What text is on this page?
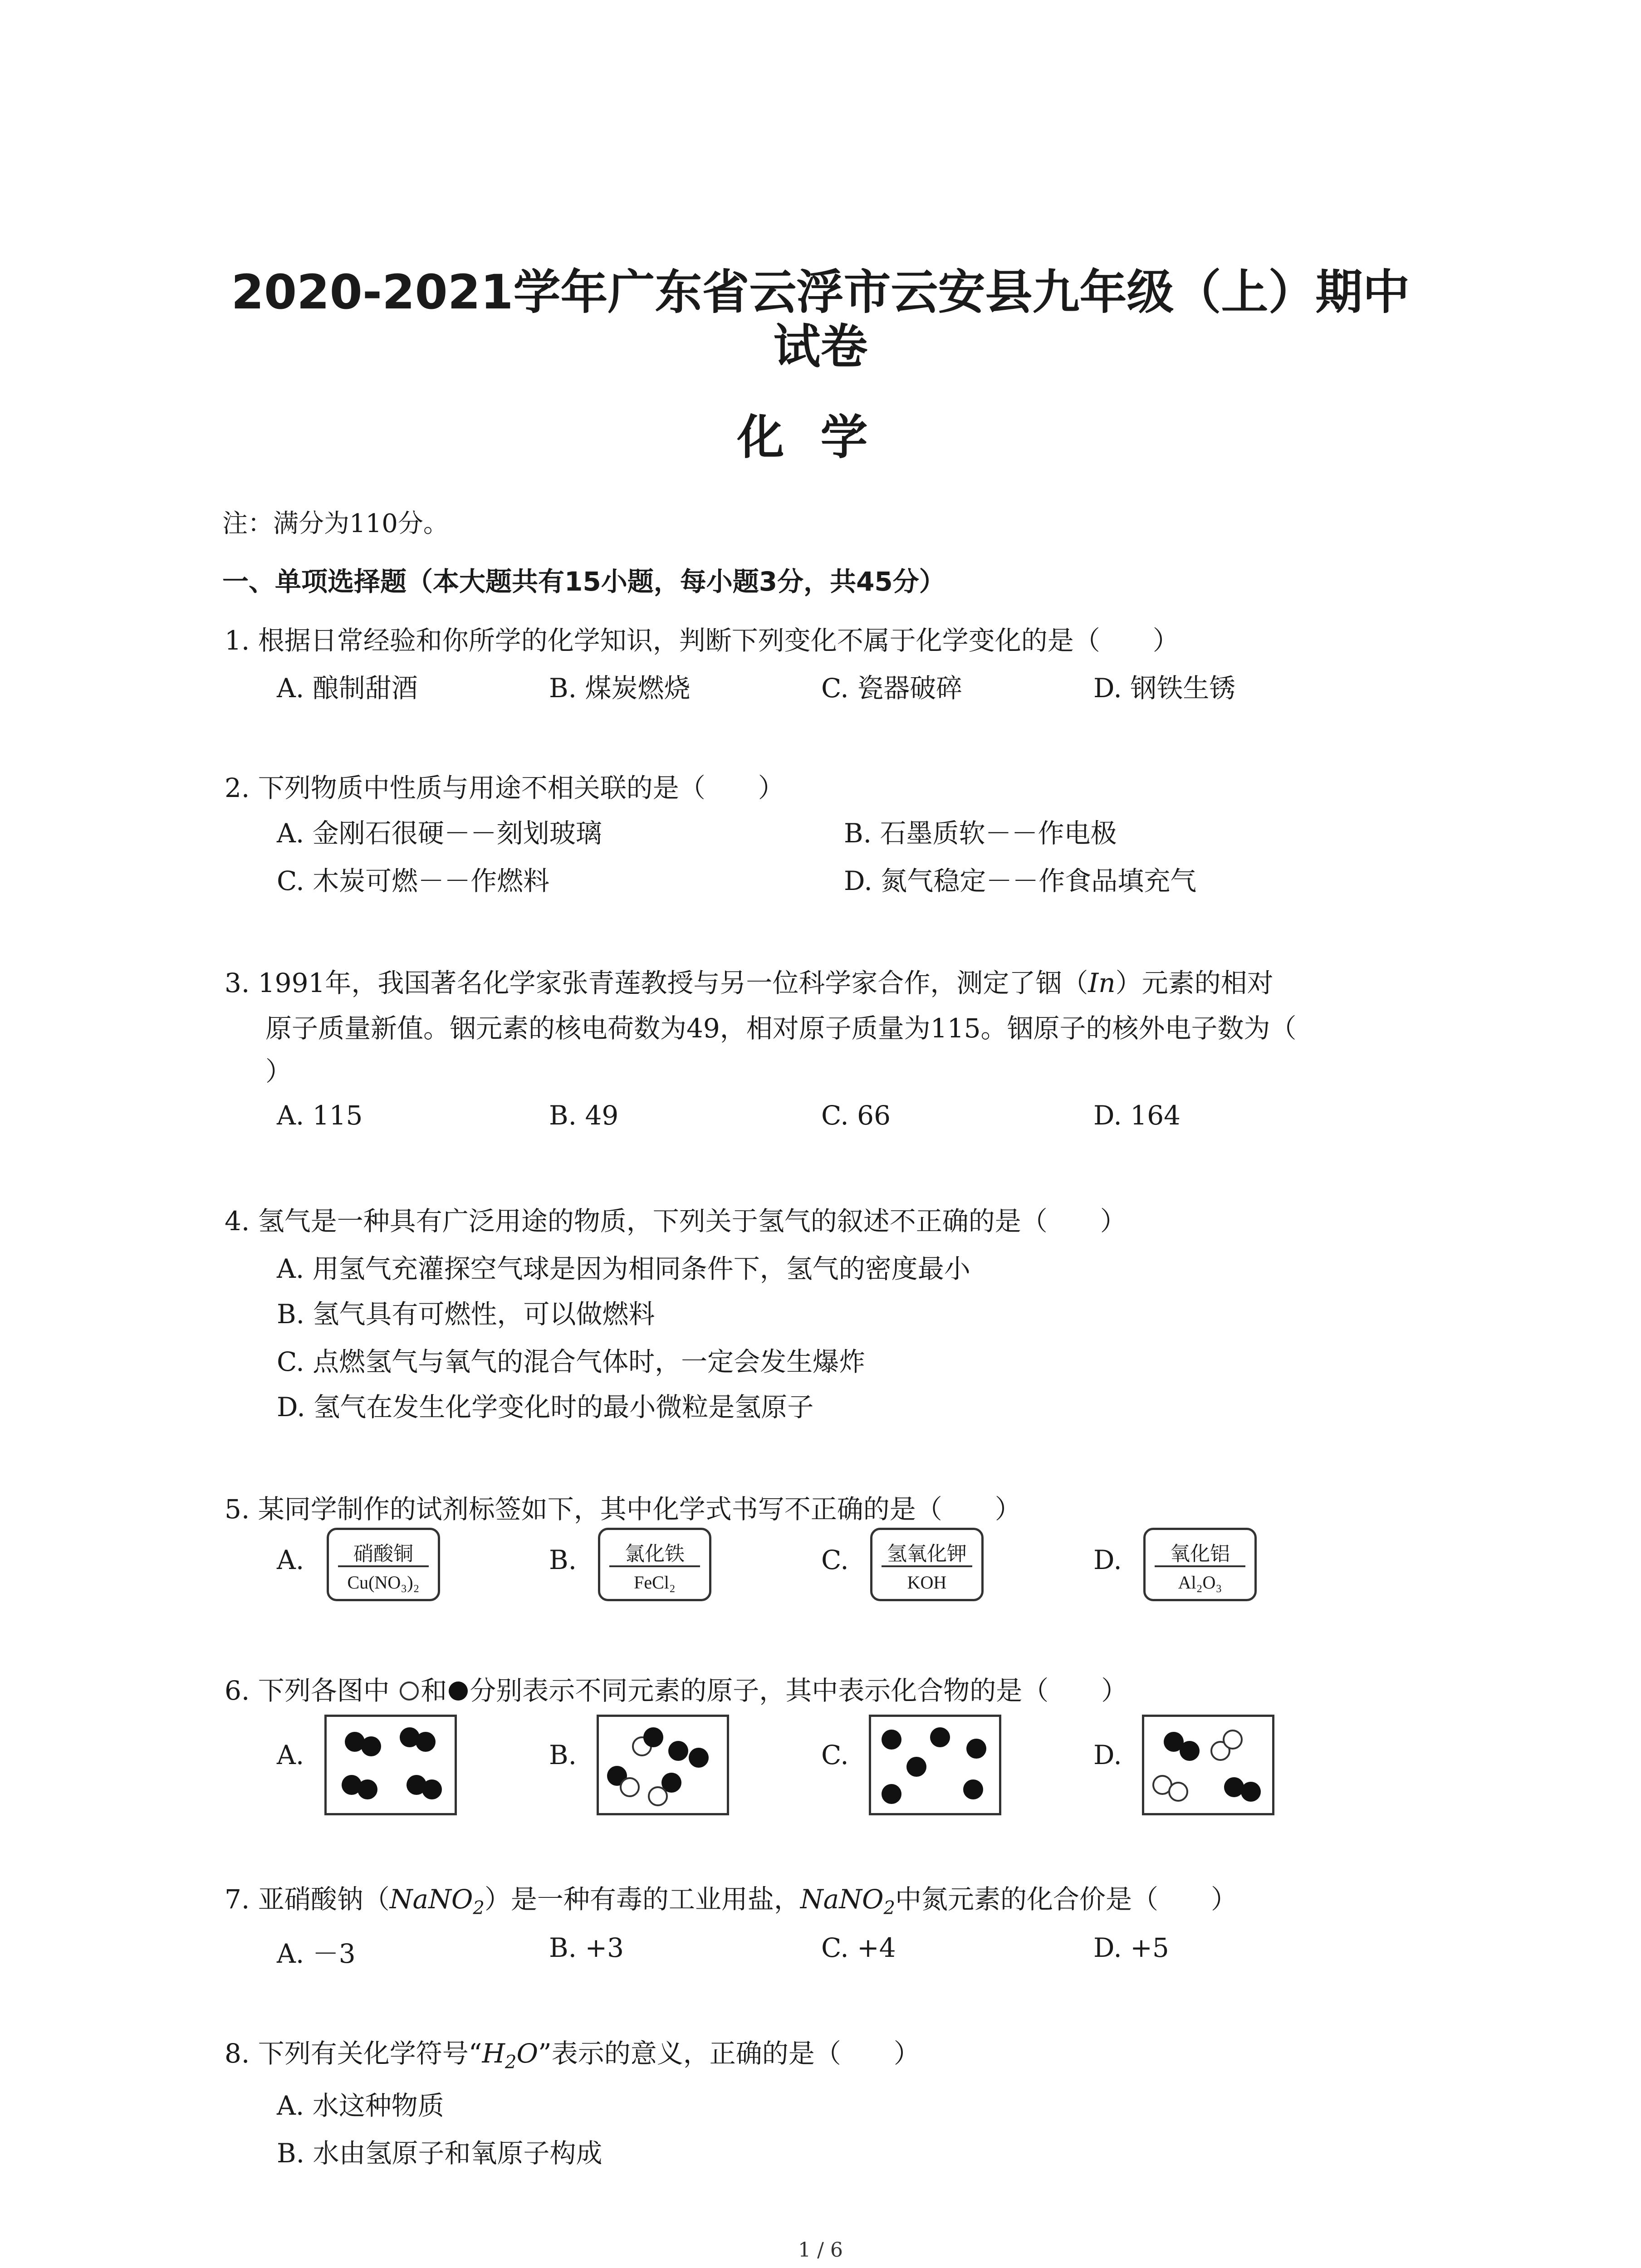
2020-2021学年广东省云浮市云安县九年级（上）期中
试卷
化学
注：满分为110分。
一、单项选择题（本大题共有15小题，每小题3分，共45分）
1. 根据日常经验和你所学的化学知识，判断下列变化不属于化学变化的是（　　）
A. 酿制甜酒	B. 煤炭燃烧	C. 瓷器破碎	D. 钢铁生锈
2. 下列物质中性质与用途不相关联的是（　　）
A. 金刚石很硬－－刻划玻璃	B. 石墨质软－－作电极
C. 木炭可燃－－作燃料	D. 氮气稳定－－作食品填充气
3. 1991年，我国著名化学家张青莲教授与另一位科学家合作，测定了铟（In）元素的相对
原子质量新值。铟元素的核电荷数为49，相对原子质量为115。铟原子的核外电子数为（
）
A. 115	B. 49	C. 66	D. 164
4. 氢气是一种具有广泛用途的物质，下列关于氢气的叙述不正确的是（　　）
A. 用氢气充灌探空气球是因为相同条件下，氢气的密度最小
B. 氢气具有可燃性，可以做燃料
C. 点燃氢气与氧气的混合气体时，一定会发生爆炸
D. 氢气在发生化学变化时的最小微粒是氢原子
5. 某同学制作的试剂标签如下，其中化学式书写不正确的是（　　）
A.	硝酸铜
Cu(NO₃)₂
B.	氯化铁
FeCl₂
C.	氢氧化钾
KOH
D.	氧化铝
Al₂O₃
6. 下列各图中 和 分别表示不同元素的原子，其中表示化合物的是（　　）
A.	B.	C.	D.
7. 亚硝酸钠（NaNO$_2$）是一种有毒的工业用盐，NaNO$_2$中氮元素的化合价是（　　）
A. －3	B. +3	C. +4	D. +5
8. 下列有关化学符号“$H_2O$”表示的意义，正确的是（　　）
A. 水这种物质
B. 水由氢原子和氧原子构成
1 / 6
